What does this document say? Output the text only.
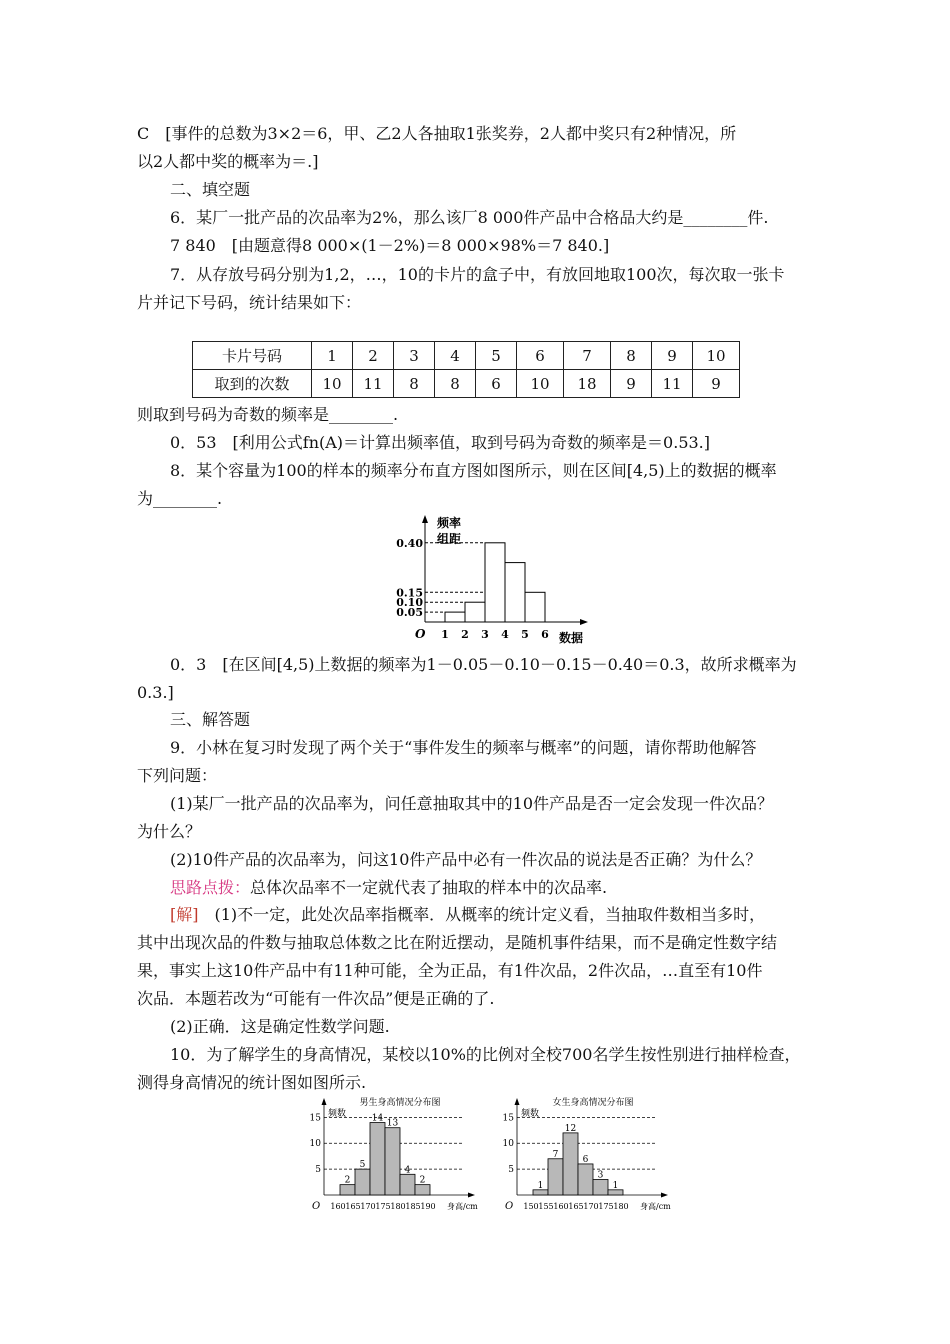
C　[事件的总数为3×2＝6，甲、乙2人各抽取1张奖券，2人都中奖只有2种情况，所
以2人都中奖的概率为＝.]
二、填空题
6．某厂一批产品的次品率为2%，那么该厂8 000件产品中合格品大约是________件.
7 840　[由题意得8 000×(1－2%)＝8 000×98%＝7 840.]
7．从存放号码分别为1,2，…，10的卡片的盒子中，有放回地取100次，每次取一张卡
片并记下号码，统计结果如下：
卡片号码	1	2	3	4	5	6	7	8	9	10
取到的次数	10	11	8	8	6	10	18	9	11	9
则取到号码为奇数的频率是________.
0．53　[利用公式fn(A)＝计算出频率值，取到号码为奇数的频率是＝0.53.]
8．某个容量为100的样本的频率分布直方图如图所示，则在区间[4,5)上的数据的概率
为________.
频率
组距
数据
O
0.40
0.15
0.10
0.05
1 2 3 4 5 6
0．3　[在区间[4,5)上数据的频率为1－0.05－0.10－0.15－0.40＝0.3，故所求概率为
0.3.]
三、解答题
9．小林在复习时发现了两个关于“事件发生的频率与概率”的问题，请你帮助他解答
下列问题：
(1)某厂一批产品的次品率为，问任意抽取其中的10件产品是否一定会发现一件次品？
为什么？
(2)10件产品的次品率为，问这10件产品中必有一件次品的说法是否正确？为什么？
思路点拨：总体次品率不一定就代表了抽取的样本中的次品率.
[解]　(1)不一定，此处次品率指概率．从概率的统计定义看，当抽取件数相当多时，
其中出现次品的件数与抽取总体数之比在附近摆动，是随机事件结果，而不是确定性数字结
果，事实上这10件产品中有11种可能，全为正品，有1件次品，2件次品，…直至有10件
次品．本题若改为“可能有一件次品”便是正确的了.
(2)正确．这是确定性数学问题.
10．为了解学生的身高情况，某校以10%的比例对全校700名学生按性别进行抽样检查，
测得身高情况的统计图如图所示.
男生身高情况分布图
频数
O
15
10
5
2
5
14
13
4
2
160 165 170 175 180 185 190 身高/cm
女生身高情况分布图
频数
O
15
10
5
1
7
12
6
3
1
150 155 160 165 170 175 180 身高/cm
